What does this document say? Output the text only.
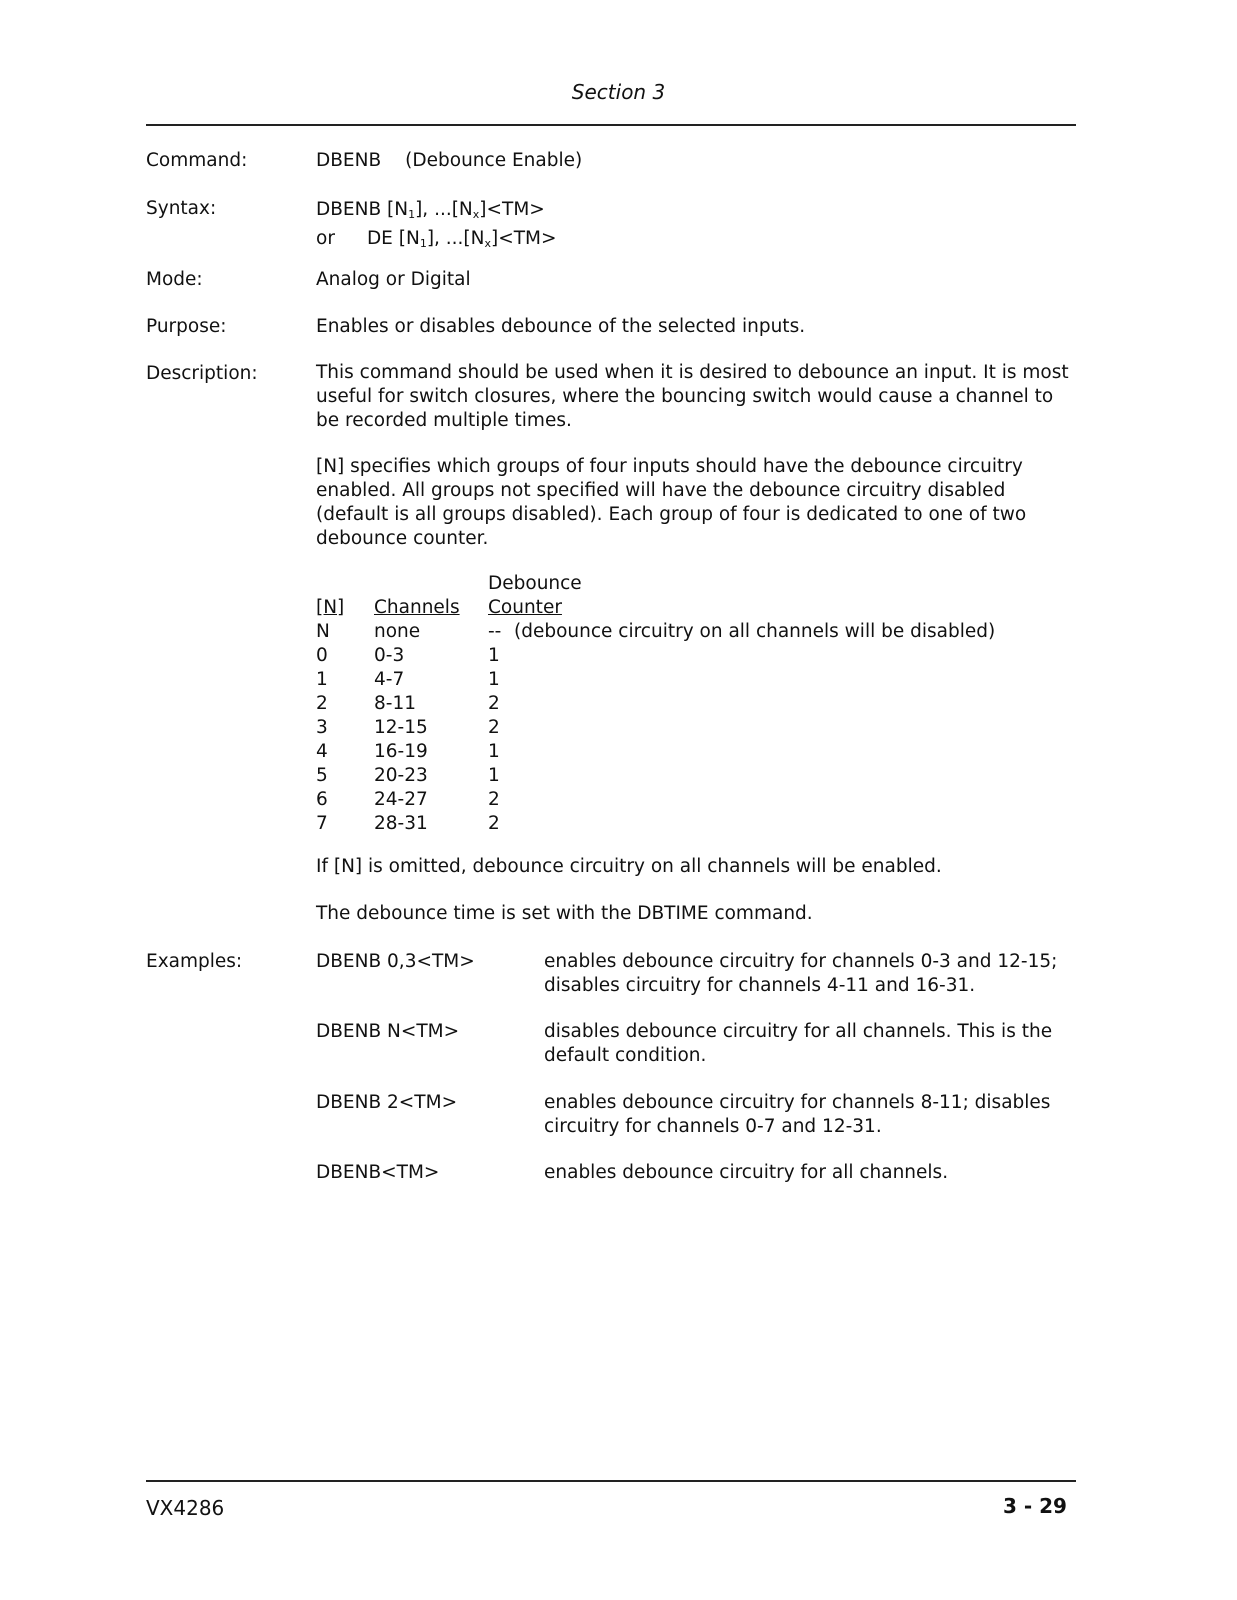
Section 3
Command:	DBENB (Debounce Enable)
Syntax:	DBENB $[N_1]$, $...[N_x]<TM>$
or DE $[N_1]$, $...[N_x]<TM>$
Mode:	Analog or Digital
Purpose:	Enables or disables debounce of the selected inputs.
Description:	This command should be used when it is desired to debounce an input. It is most
useful for switch closures, where the bouncing switch would cause a channel to
be recorded multiple times.
[N] specifies which groups of four inputs should have the debounce circuitry
enabled. All groups not specified will have the debounce circuitry disabled
(default is all groups disabled). Each group of four is dedicated to one of two
debounce counter.
Debounce
[N] Channels Counter
N none	-- (debounce circuitry on all channels will be disabled)
0 0-3	1
1 4-7	1
2 8-11	2
3 12-15	2
4 16-19	1
5 20-23	1
6 24-27	2
7 28-31	2
If [N] is omitted, debounce circuitry on all channels will be enabled.
The debounce time is set with the DBTIME command.
Examples:	DBENB 0,3<TM>	enables debounce circuitry for channels 0-3 and 12-15;
disables circuitry for channels 4-11 and 16-31.
DBENB N<TM>	disables debounce circuitry for all channels. This is the
default condition.
DBENB 2<TM>	enables debounce circuitry for channels 8-11; disables
circuitry for channels 0-7 and 12-31.
DBENB<TM>	enables debounce circuitry for all channels.
VX4286	3 - 29
